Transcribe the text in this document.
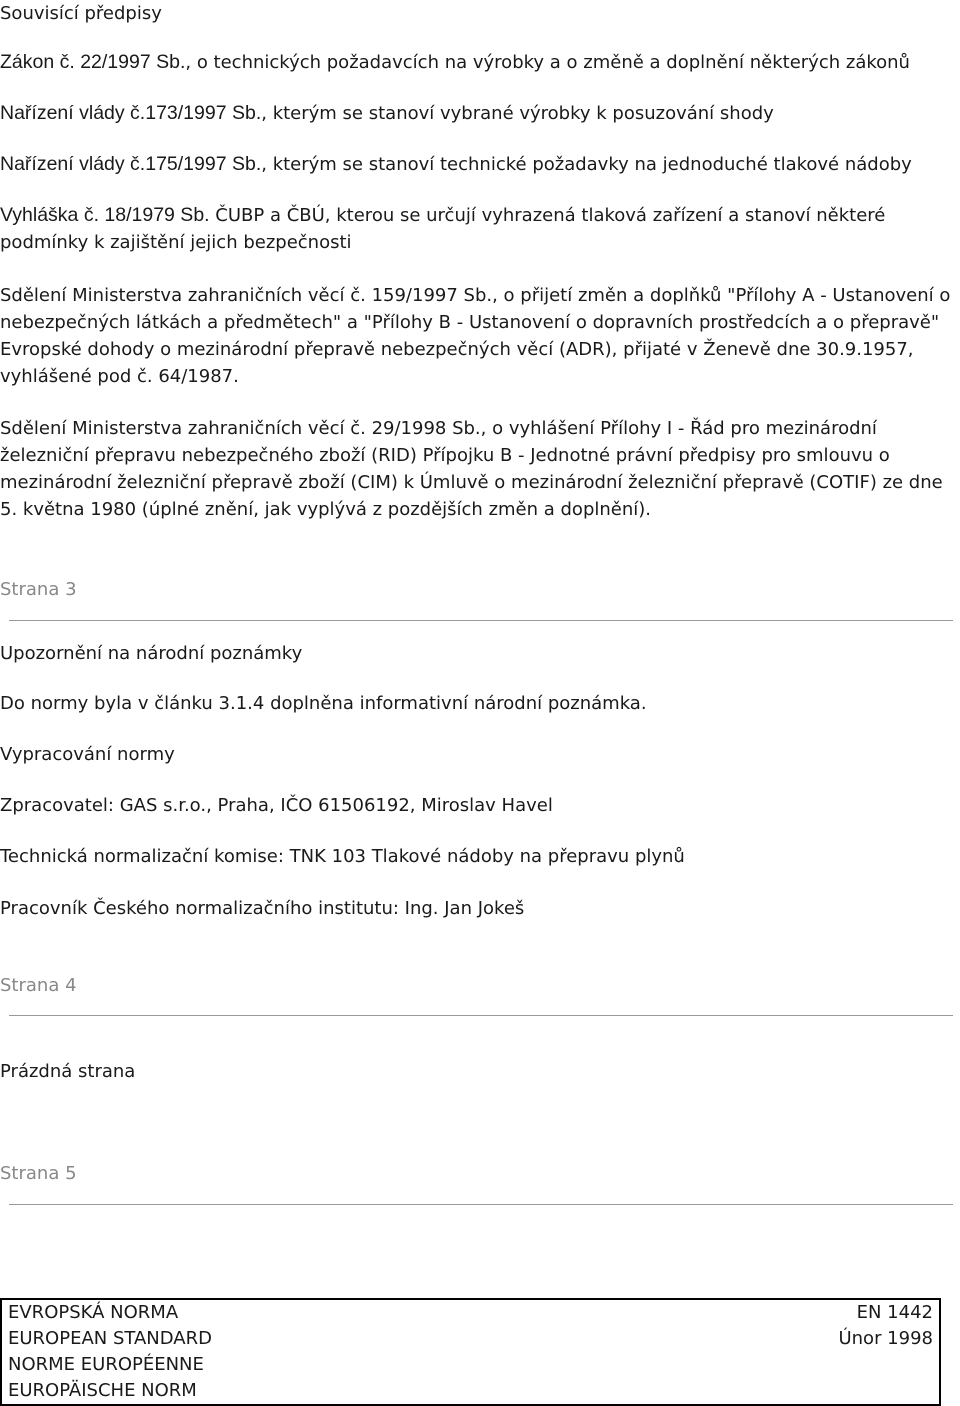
Souvisící předpisy
Zákon č. 22/1997 Sb., o technických požadavcích na výrobky a o změně a doplnění některých zákonů
Nařízení vlády č.173/1997 Sb., kterým se stanoví vybrané výrobky k posuzování shody
Nařízení vlády č.175/1997 Sb., kterým se stanoví technické požadavky na jednoduché tlakové nádoby
Vyhláška č. 18/1979 Sb. ČUBP a ČBÚ, kterou se určují vyhrazená tlaková zařízení a stanoví některé podmínky k zajištění jejich bezpečnosti
Sdělení Ministerstva zahraničních věcí č. 159/1997 Sb., o přijetí změn a doplňků "Přílohy A - Ustanovení o nebezpečných látkách a předmětech" a "Přílohy B - Ustanovení o dopravních prostředcích a o přepravě" Evropské dohody o mezinárodní přepravě nebezpečných věcí (ADR), přijaté v Ženevě dne 30.9.1957, vyhlášené pod č. 64/1987.
Sdělení Ministerstva zahraničních věcí č. 29/1998 Sb., o vyhlášení Přílohy I - Řád pro mezinárodní železniční přepravu nebezpečného zboží (RID) Přípojku B - Jednotné právní předpisy pro smlouvu o mezinárodní železniční přepravě zboží (CIM) k Úmluvě o mezinárodní železniční přepravě (COTIF) ze dne 5. května 1980 (úplné znění, jak vyplývá z pozdějších změn a doplnění).
Strana 3
Upozornění na národní poznámky
Do normy byla v článku 3.1.4 doplněna informativní národní poznámka.
Vypracování normy
Zpracovatel: GAS s.r.o., Praha, IČO 61506192, Miroslav Havel
Technická normalizační komise: TNK 103 Tlakové nádoby na přepravu plynů
Pracovník Českého normalizačního institutu: Ing. Jan Jokeš
Strana 4
Prázdná strana
Strana 5
EVROPSKÁ NORMA	EN 1442
EUROPEAN STANDARD	Únor 1998
NORME EUROPÉENNE	
EUROPÄISCHE NORM	
